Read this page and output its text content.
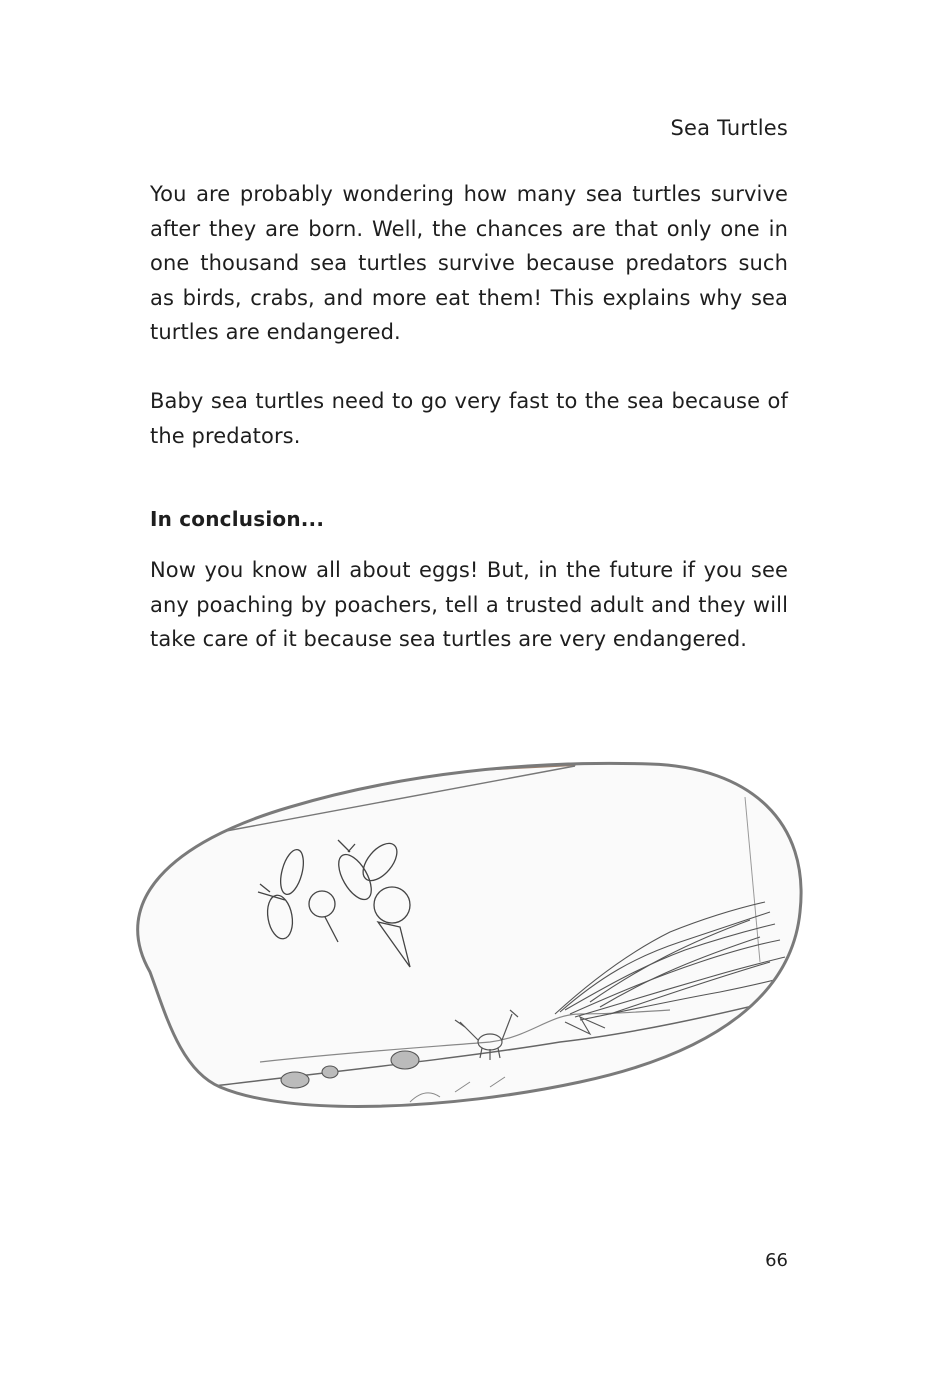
Sea Turtles

You are probably wondering how many sea turtles survive after they are born. Well, the chances are that only one in one thousand sea turtles survive because predators such as birds, crabs, and more eat them! This explains why sea turtles are endangered.

Baby sea turtles need to go very fast to the sea because of the predators.

In conclusion...

Now you know all about eggs! But, in the future if you see any poaching by poachers, tell a trusted adult and they will take care of it because sea turtles are very endangered.

66
